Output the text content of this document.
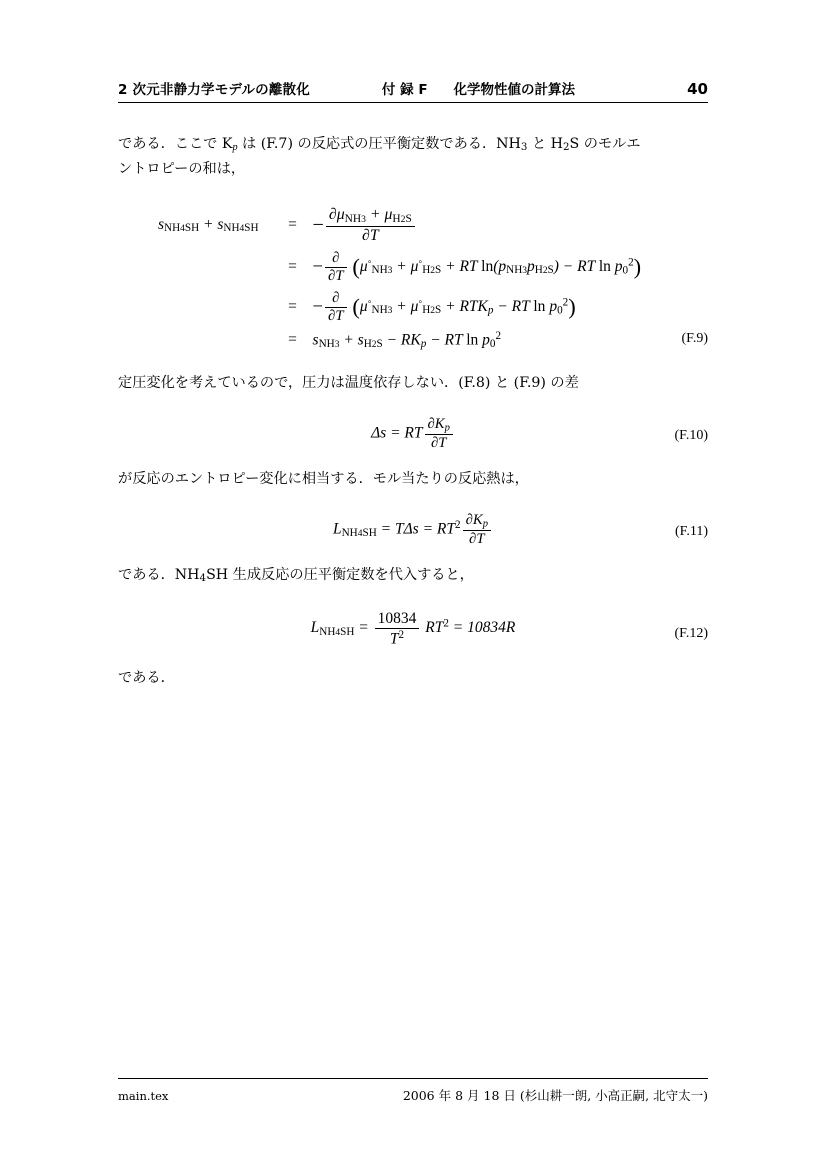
2 次元非静力学モデルの離散化	付 録 F 化学物性値の計算法	40

である．ここで $K_p$ は (F.7) の反応式の圧平衡定数である．$NH_3$ と $H_2S$ のモルエ
ントロピーの和は，

$s_{NH4SH} + s_{NH4SH}$	=	− $\frac{\partial\mu_{NH3} + \mu_{H2S}}{\partial T}$

	=	− $\frac{\partial}{\partial T} (\mu^◦_{NH3} + \mu^◦_{H2S}$ + RT $\ln(p_{NH3}p_{H2S})$ − RT $\ln p_0^2$)
	=	− $\frac{\partial}{\partial T} (\mu^◦_{NH3} + \mu^◦_{H2S} + RTK_p$ − RT $\ln p_0^2$)
	=	$s_{NH3} + s_{H2S} - RK_p$ − RT $\ln p_0^2$	(F.9)

定圧変化を考えているので，圧力は温度依存しない．(F.8) と (F.9) の差

Δs = RT $\frac{\partial K_p}{\partial T}$	(F.10)

が反応のエントロピー変化に相当する．モル当たりの反応熱は，

$L_{NH4SH} = T\Delta s = RT^2 \frac{\partial K_p}{\partial T}$	(F.11)

である．$NH_4SH$ 生成反応の圧平衡定数を代入すると，

$L_{NH4SH} = \frac{10834}{T^2} RT^2 = 10834R$	(F.12)

である．

main.tex	2006 年 8 月 18 日 (杉山耕一朗, 小高正嗣, 北守太一)
